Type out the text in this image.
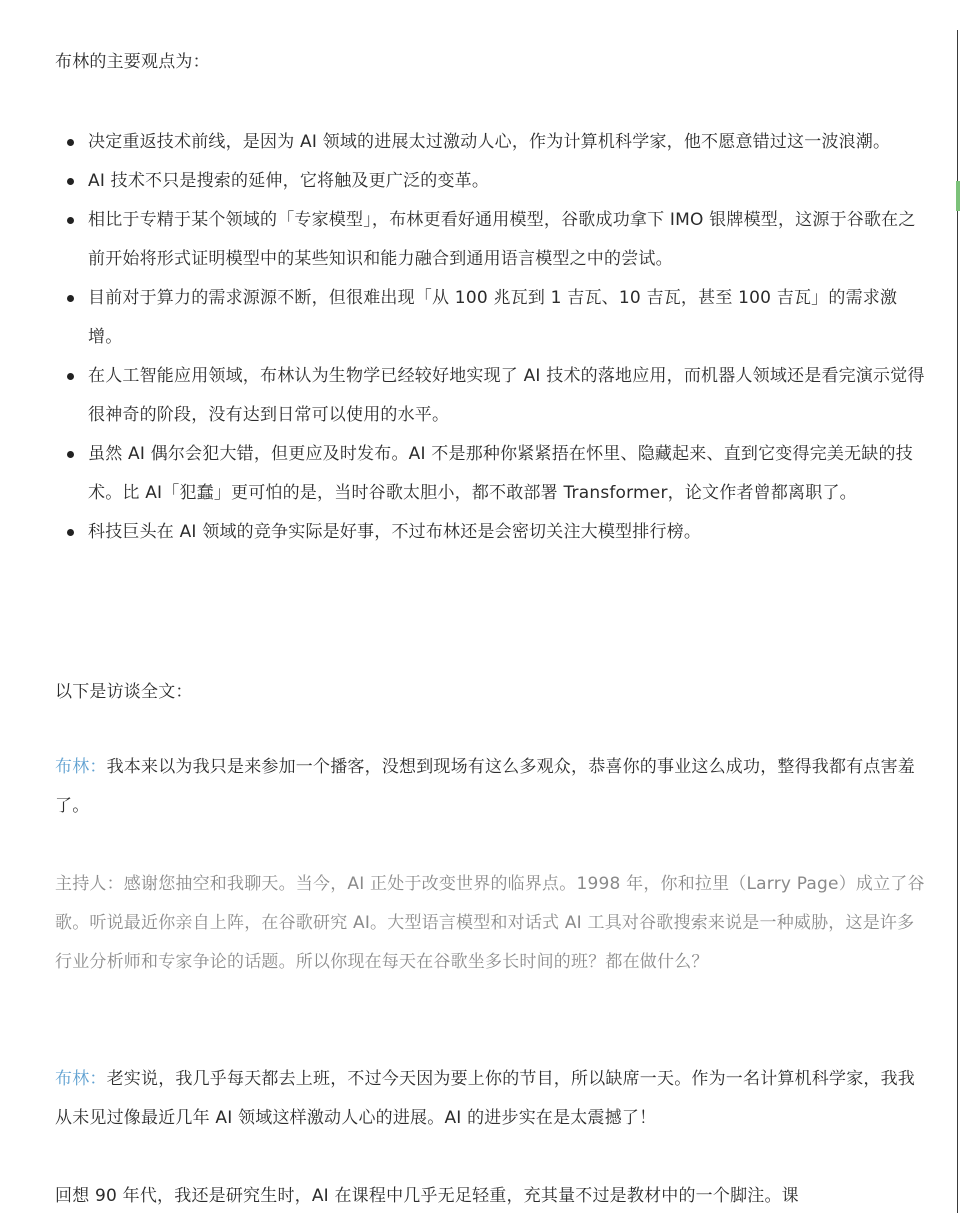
布林的主要观点为：

决定重返技术前线，是因为 AI 领域的进展太过激动人心，作为计算机科学家，他不愿意错过这一波浪潮。
AI 技术不只是搜索的延伸，它将触及更广泛的变革。
相比于专精于某个领域的「专家模型」，布林更看好通用模型，谷歌成功拿下 IMO 银牌模型，这源于谷歌在之前开始将形式证明模型中的某些知识和能力融合到通用语言模型之中的尝试。
目前对于算力的需求源源不断，但很难出现「从 100 兆瓦到 1 吉瓦、10 吉瓦，甚至 100 吉瓦」的需求激增。
在人工智能应用领域，布林认为生物学已经较好地实现了 AI 技术的落地应用，而机器人领域还是看完演示觉得很神奇的阶段，没有达到日常可以使用的水平。
虽然 AI 偶尔会犯大错，但更应及时发布。AI 不是那种你紧紧捂在怀里、隐藏起来、直到它变得完美无缺的技术。比 AI「犯蠢」更可怕的是，当时谷歌太胆小，都不敢部署 Transformer，论文作者曾都离职了。
科技巨头在 AI 领域的竞争实际是好事，不过布林还是会密切关注大模型排行榜。

以下是访谈全文：

布林：我本来以为我只是来参加一个播客，没想到现场有这么多观众，恭喜你的事业这么成功，整得我都有点害羞了。

主持人：感谢您抽空和我聊天。当今，AI 正处于改变世界的临界点。1998 年，你和拉里（Larry Page）成立了谷歌。听说最近你亲自上阵，在谷歌研究 AI。大型语言模型和对话式 AI 工具对谷歌搜索来说是一种威胁，这是许多行业分析师和专家争论的话题。所以你现在每天在谷歌坐多长时间的班？都在做什么？

布林：老实说，我几乎每天都去上班，不过今天因为要上你的节目，所以缺席一天。作为一名计算机科学家，我我从未见过像最近几年 AI 领域这样激动人心的进展。AI 的进步实在是太震撼了！

回想 90 年代，我还是研究生时，AI 在课程中几乎无足轻重，充其量不过是教材中的一个脚注。课
